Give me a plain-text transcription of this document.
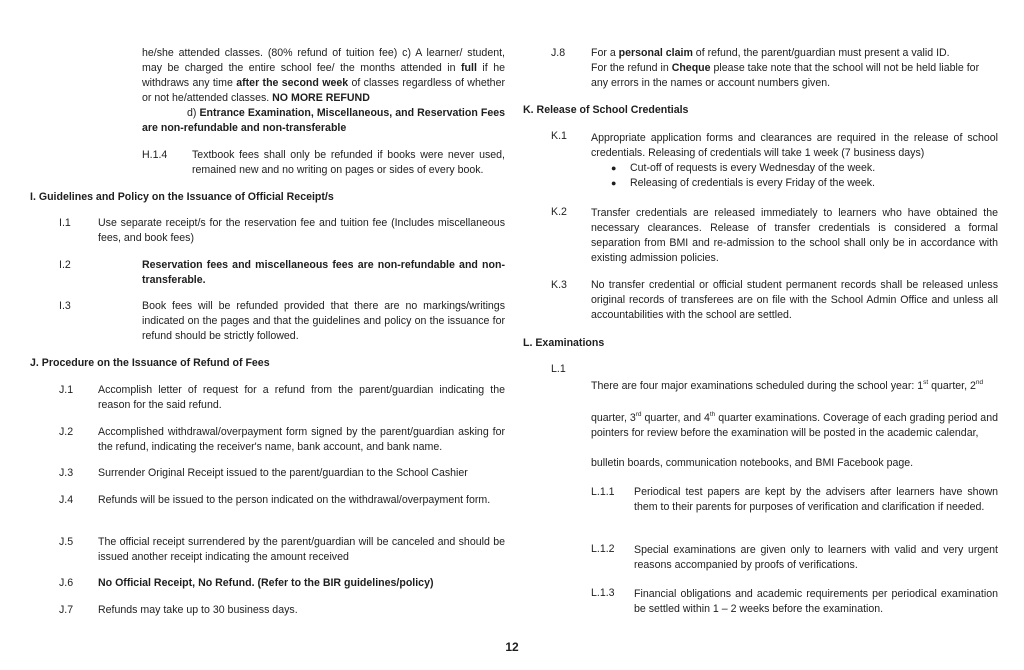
he/she attended classes. (80% refund of tuition fee) c) A learner/ student, may be charged the entire school fee/ the months attended in full if he withdraws any time after the second week of classes regardless of whether or not he/attended classes. NO MORE REFUND
d) Entrance Examination, Miscellaneous, and Reservation Fees are non-refundable and non-transferable
H.1.4 Textbook fees shall only be refunded if books were never used, remained new and no writing on pages or sides of every book.
I. Guidelines and Policy on the Issuance of Official Receipt/s
I.1	Use separate receipt/s for the reservation fee and tuition fee (Includes miscellaneous fees, and book fees)
I.2	Reservation fees and miscellaneous fees are non-refundable and non-transferable.
I.3	Book fees will be refunded provided that there are no markings/writings indicated on the pages and that the guidelines and policy on the issuance for refund should be strictly followed.
J. Procedure on the Issuance of Refund of Fees
J.1 Accomplish letter of request for a refund from the parent/guardian indicating the reason for the said refund.
J.2 Accomplished withdrawal/overpayment form signed by the parent/guardian asking for the refund, indicating the receiver's name, bank account, and bank name.
J.3 Surrender Original Receipt issued to the parent/guardian to the School Cashier
J.4 Refunds will be issued to the person indicated on the withdrawal/overpayment form.
J.5 The official receipt surrendered by the parent/guardian will be canceled and should be issued another receipt indicating the amount received
J.6 No Official Receipt, No Refund. (Refer to the BIR guidelines/policy)
J.7 Refunds may take up to 30 business days.
J.8 For a personal claim of refund, the parent/guardian must present a valid ID.
For the refund in Cheque please take note that the school will not be held liable for any errors in the names or account numbers given.
K. Release of School Credentials
K.1 Appropriate application forms and clearances are required in the release of school credentials. Releasing of credentials will take 1 week (7 business days)
● Cut-off of requests is every Wednesday of the week.
● Releasing of credentials is every Friday of the week.
K.2 Transfer credentials are released immediately to learners who have obtained the necessary clearances. Release of transfer credentials is considered a formal separation from BMI and re-admission to the school shall only be in accordance with existing admission policies.
K.3 No transfer credential or official student permanent records shall be released unless original records of transferees are on file with the School Admin Office and unless all accountabilities with the school are settled.
L. Examinations
L.1
There are four major examinations scheduled during the school year: 1st quarter, 2nd
quarter, 3rd quarter, and 4th quarter examinations. Coverage of each grading period and pointers for review before the examination will be posted in the academic calendar,
bulletin boards, communication notebooks, and BMI Facebook page.
L.1.1 Periodical test papers are kept by the advisers after learners have shown them to their parents for purposes of verification and clarification if needed.
L.1.2 Special examinations are given only to learners with valid and very urgent reasons accompanied by proofs of verifications.
L.1.3 Financial obligations and academic requirements per periodical examination be settled within 1 – 2 weeks before the examination.
12
